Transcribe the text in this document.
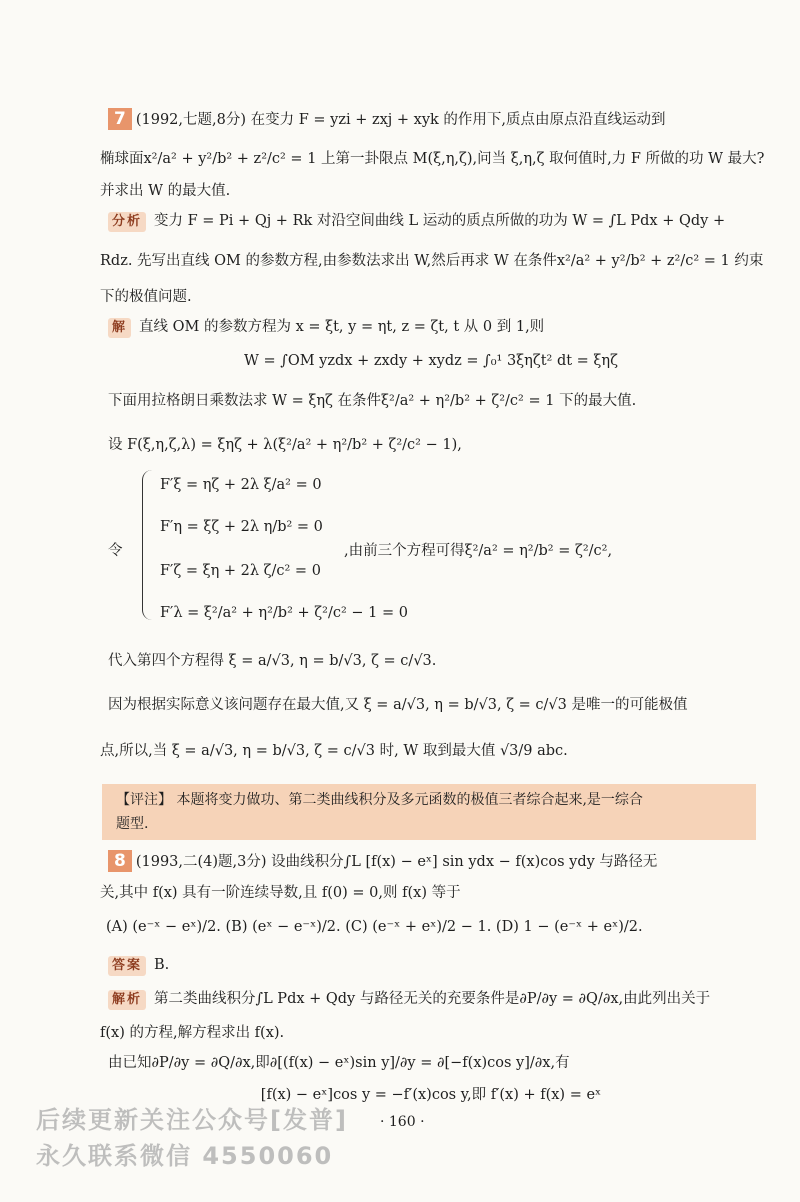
7 (1992,七题,8分) 在变力 F = yzi + zxj + xyk 的作用下,质点由原点沿直线运动到
椭球面x²/a² + y²/b² + z²/c² = 1 上第一卦限点 M(ξ,η,ζ),问当 ξ,η,ζ 取何值时,力 F 所做的功 W 最大?
并求出 W 的最大值.
分析 变力 F = Pi + Qj + Rk 对沿空间曲线 L 运动的质点所做的功为 W = ∫L Pdx + Qdy +
Rdz. 先写出直线 OM 的参数方程,由参数法求出 W,然后再求 W 在条件x²/a² + y²/b² + z²/c² = 1 约束
下的极值问题.
解 直线 OM 的参数方程为 x = ξt, y = ηt, z = ζt, t 从 0 到 1,则
W = ∫OM yzdx + zxdy + xydz = ∫₀¹ 3ξηζt² dt = ξηζ
下面用拉格朗日乘数法求 W = ξηζ 在条件ξ²/a² + η²/b² + ζ²/c² = 1 下的最大值.
设 F(ξ,η,ζ,λ) = ξηζ + λ(ξ²/a² + η²/b² + ζ²/c² − 1),
令
F′ξ = ηζ + 2λ ξ/a² = 0
F′η = ξζ + 2λ η/b² = 0
F′ζ = ξη + 2λ ζ/c² = 0
F′λ = ξ²/a² + η²/b² + ζ²/c² − 1 = 0
,由前三个方程可得ξ²/a² = η²/b² = ζ²/c²,
代入第四个方程得 ξ = a/√3, η = b/√3, ζ = c/√3.
因为根据实际意义该问题存在最大值,又 ξ = a/√3, η = b/√3, ζ = c/√3 是唯一的可能极值
点,所以,当 ξ = a/√3, η = b/√3, ζ = c/√3 时, W 取到最大值 √3/9 abc.
【评注】 本题将变力做功、第二类曲线积分及多元函数的极值三者综合起来,是一综合
题型.
8 (1993,二(4)题,3分) 设曲线积分∫L [f(x) − eˣ] sin ydx − f(x)cos ydy 与路径无
关,其中 f(x) 具有一阶连续导数,且 f(0) = 0,则 f(x) 等于
(A) (e⁻ˣ − eˣ)/2. (B) (eˣ − e⁻ˣ)/2. (C) (e⁻ˣ + eˣ)/2 − 1. (D) 1 − (e⁻ˣ + eˣ)/2.
答案 B.
解析 第二类曲线积分∫L Pdx + Qdy 与路径无关的充要条件是∂P/∂y = ∂Q/∂x,由此列出关于
f(x) 的方程,解方程求出 f(x).
由已知∂P/∂y = ∂Q/∂x,即∂[(f(x) − eˣ)sin y]/∂y = ∂[−f(x)cos y]/∂x,有
[f(x) − eˣ]cos y = −f′(x)cos y,即 f′(x) + f(x) = eˣ
· 160 ·
后续更新关注公众号[发普]
永久联系微信 4550060
